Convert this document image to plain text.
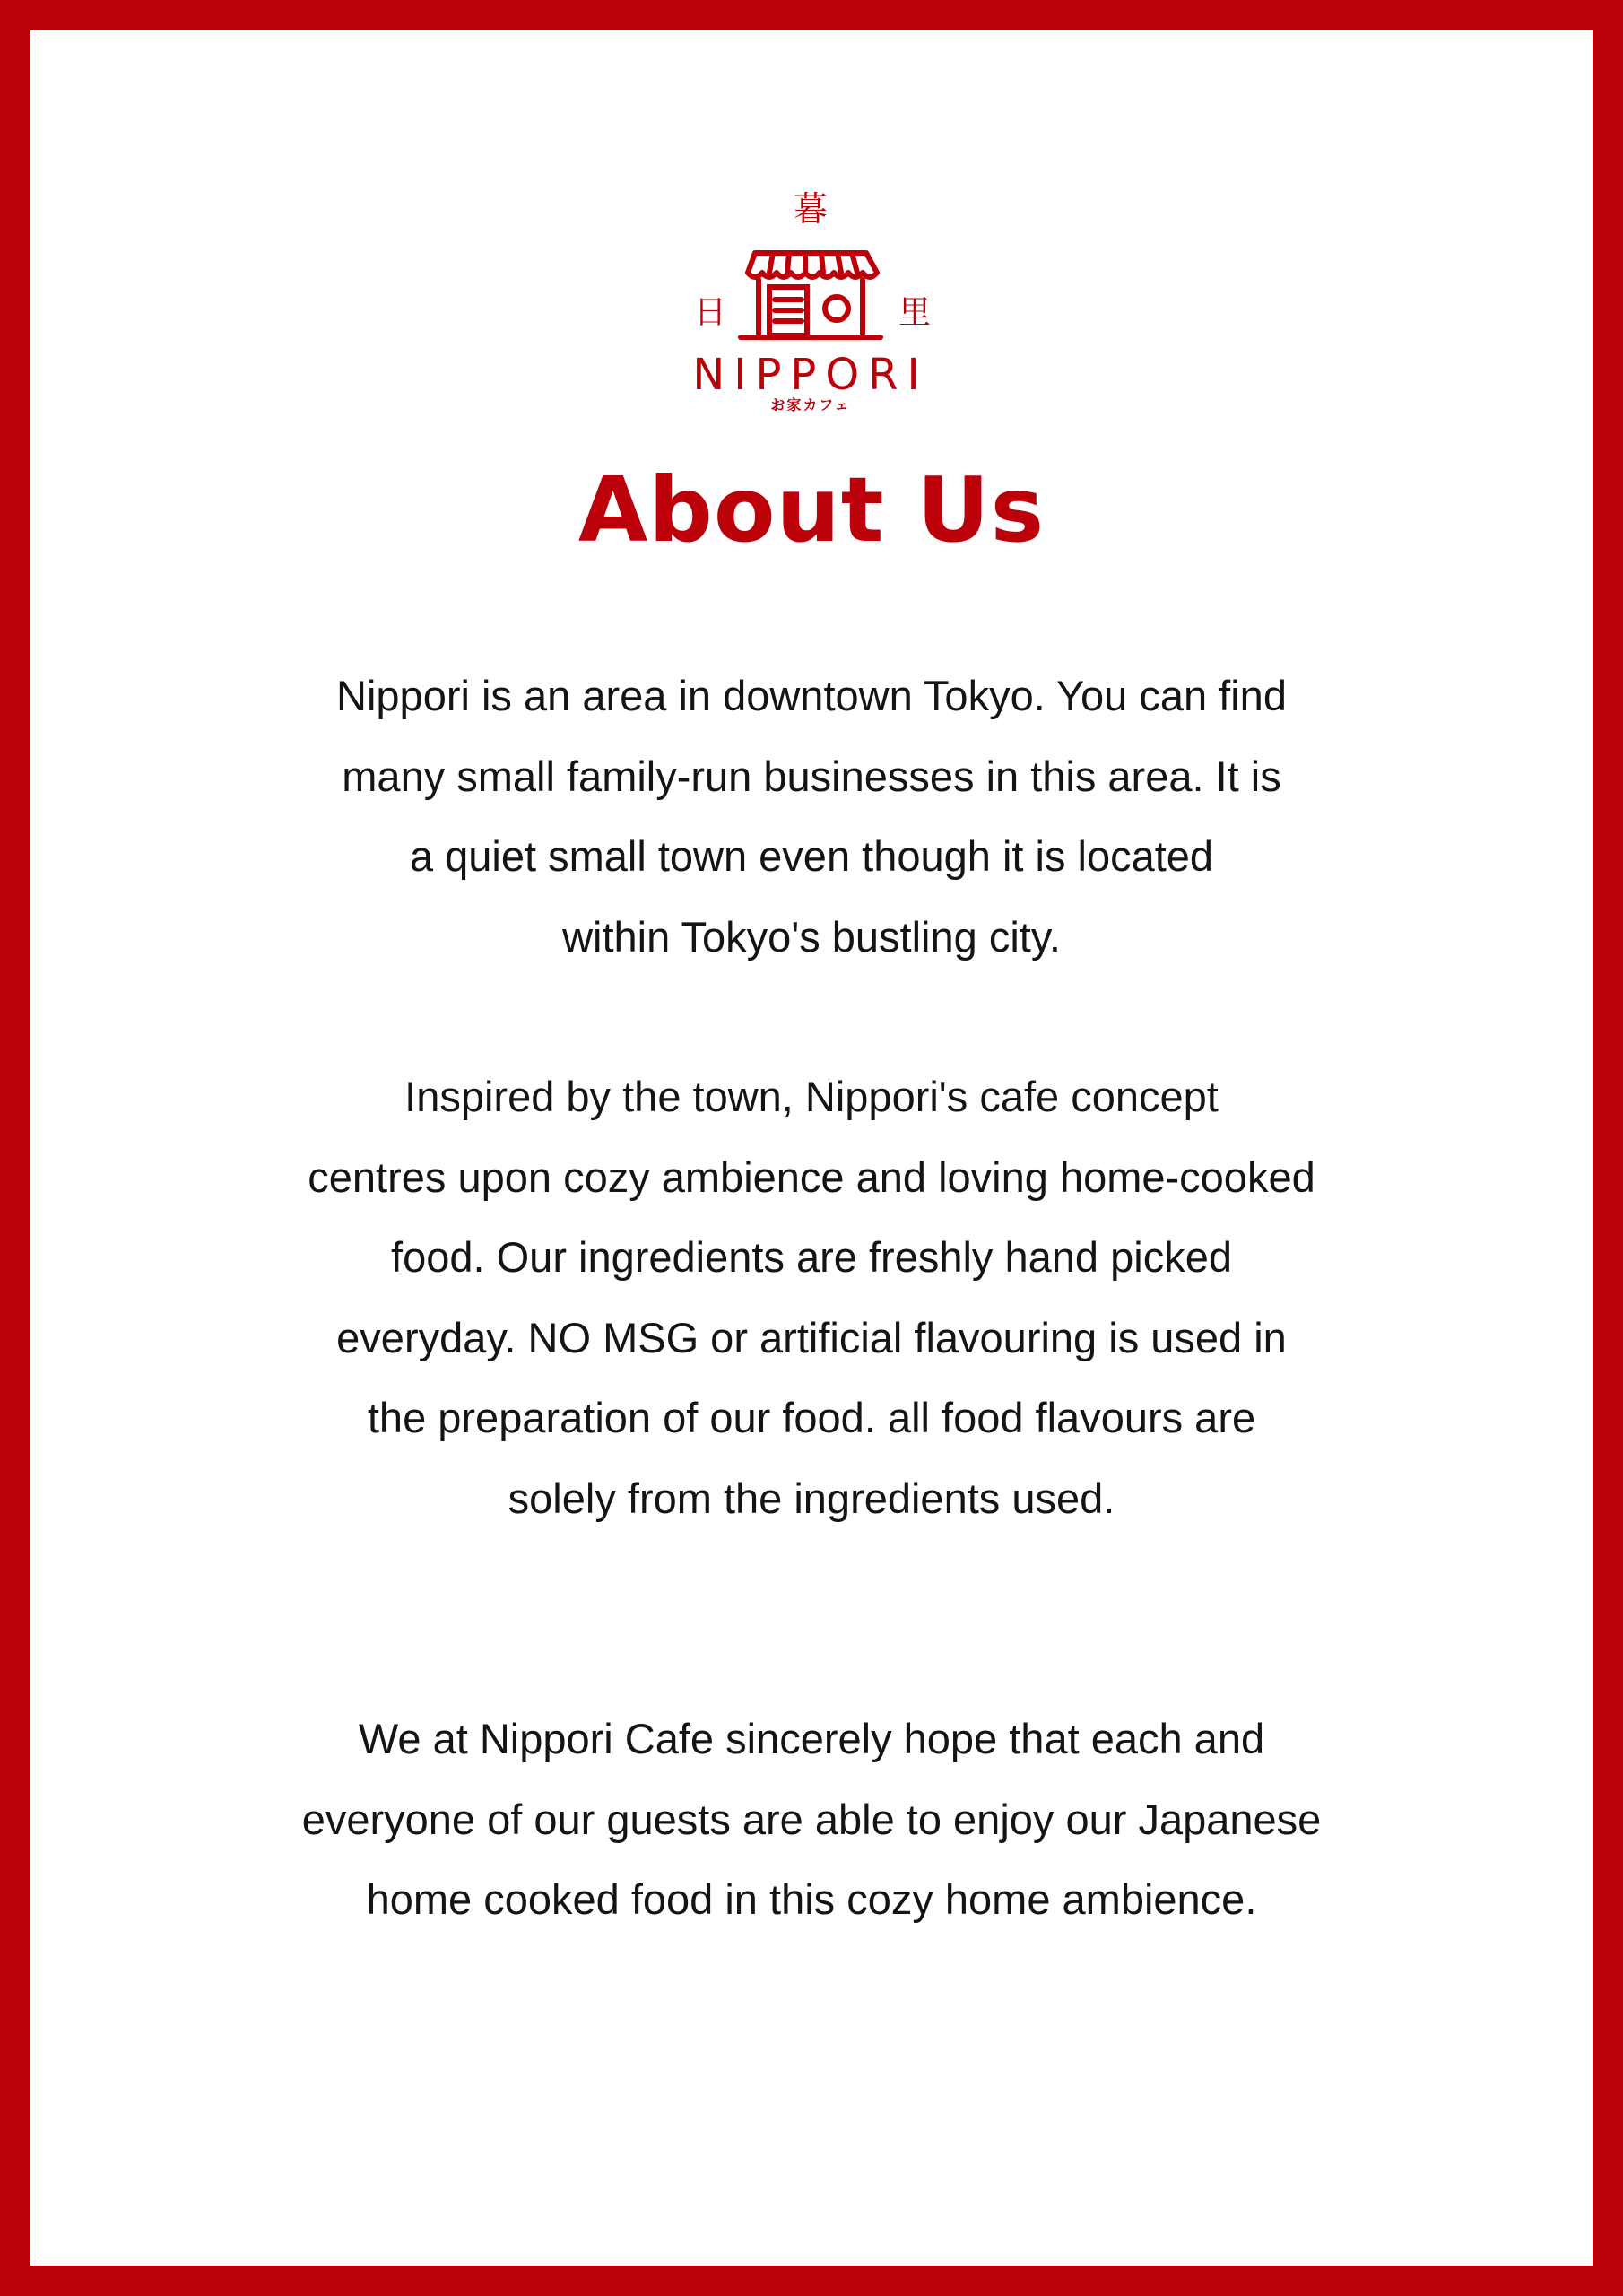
暮
日	里
NIPPORI
お家カフェ
About Us

Nippori is an area in downtown Tokyo. You can find
many small family-run businesses in this area. It is
a quiet small town even though it is located
within Tokyo's bustling city.

Inspired by the town, Nippori's cafe concept
centres upon cozy ambience and loving home-cooked
food. Our ingredients are freshly hand picked
everyday. NO MSG or artificial flavouring is used in
the preparation of our food. all food flavours are
solely from the ingredients used.

We at Nippori Cafe sincerely hope that each and
everyone of our guests are able to enjoy our Japanese
home cooked food in this cozy home ambience.
